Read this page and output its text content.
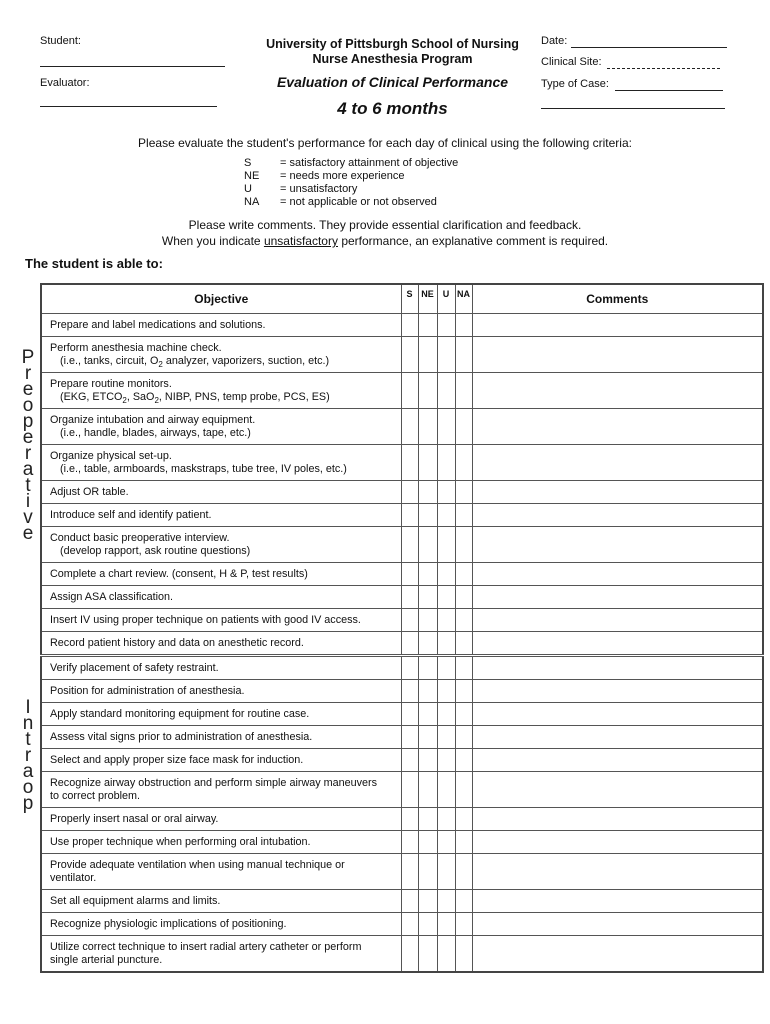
Student:
Evaluator:
University of Pittsburgh School of Nursing
Nurse Anesthesia Program
Evaluation of Clinical Performance
4 to 6 months
Date:
Clinical Site:
Type of Case:
Please evaluate the student's performance for each day of clinical using the following criteria:
S	= satisfactory attainment of objective
NE = needs more experience
U	= unsatisfactory
NA = not applicable or not observed
Please write comments. They provide essential clarification and feedback.
When you indicate unsatisfactory performance, an explanative comment is required.
The student is able to:
P
r
e
o
p
e
r
a
t
i
v
e
I
n
t
r
a
o
p
Objective	S	NE	U	NA	Comments

Prepare and label medications and solutions.					

Perform anesthesia machine check.
(i.e., tanks, circuit, $O_2$ analyzer, vaporizers, suction, etc.)					

Prepare routine monitors.
(EKG, $ETCO_2$, SaO$_2$, NIBP, PNS, temp probe, PCS, ES)					

Organize intubation and airway equipment.
(i.e., handle, blades, airways, tape, etc.)					

Organize physical set-up.
(i.e., table, armboards, maskstraps, tube tree, IV poles, etc.)					

Adjust OR table.					

Introduce self and identify patient.					

Conduct basic preoperative interview.
(develop rapport, ask routine questions)					

Complete a chart review. (consent, H & P, test results)					

Assign ASA classification.					

Insert IV using proper technique on patients with good IV access.					

Record patient history and data on anesthetic record.					

Verify placement of safety restraint.					

Position for administration of anesthesia.					

Apply standard monitoring equipment for routine case.					

Assess vital signs prior to administration of anesthesia.					

Select and apply proper size face mask for induction.					

Recognize airway obstruction and perform simple airway maneuvers
to correct problem.					

Properly insert nasal or oral airway.					

Use proper technique when performing oral intubation.					

Provide adequate ventilation when using manual technique or
ventilator.					

Set all equipment alarms and limits.					

Recognize physiologic implications of positioning.					

Utilize correct technique to insert radial artery catheter or perform
single arterial puncture.					
